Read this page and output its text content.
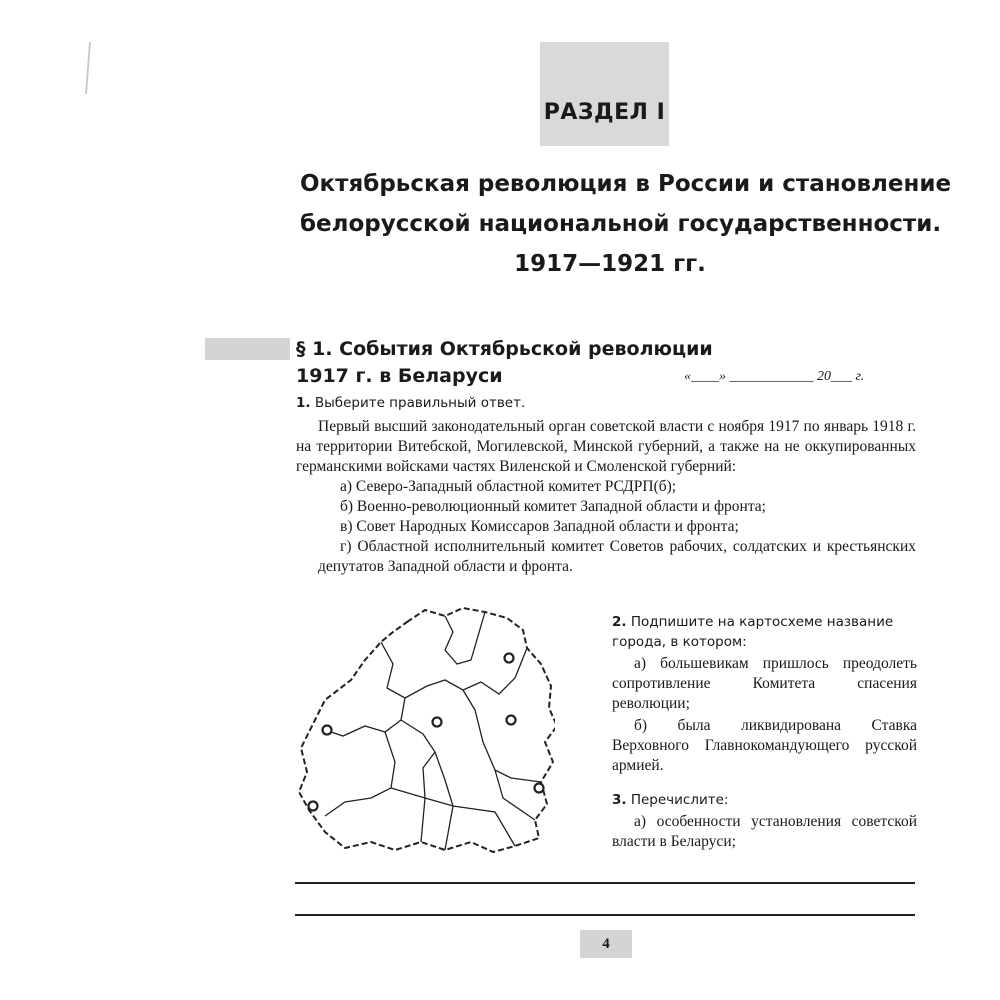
РАЗДЕЛ I
Октябрьская революция в России и становление
белорусской национальной государственности.
1917—1921 гг.
§ 1. События Октябрьской революции
1917 г. в Беларуси	«____» ____________ 20___ г.
1. Выберите правильный ответ.

Первый высший законодательный орган советской власти с ноября 1917 по январь 1918 г. на территории Витебской, Могилевской, Минской губерний, а также на не оккупированных германскими войсками частях Виленской и Смоленской губерний:

а) Северо-Западный областной комитет РСДРП(б);

б) Военно-революционный комитет Западной области и фронта;

в) Совет Народных Комиссаров Западной области и фронта;

г) Областной исполнительный комитет Советов рабочих, солдатских и крестьянских депутатов Западной области и фронта.

2. Подпишите на картосхеме название города, в котором:

а) большевикам пришлось преодолеть сопротивление Комитета спасения революции;

б) была ликвидирована Ставка Верховного Главнокомандующего русской армией.

3. Перечислите:

а) особенности установления советской власти в Беларуси;

4
